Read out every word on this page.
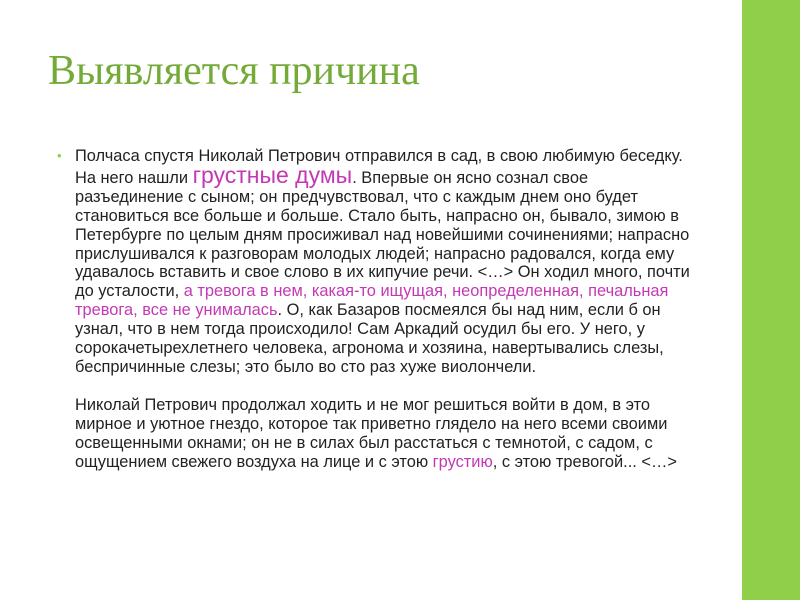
Выявляется причина
• Полчаса спустя Николай Петрович отправился в сад, в свою любимую беседку. На него нашли грустные думы. Впервые он ясно сознал свое разъединение с сыном; он предчувствовал, что с каждым днем оно будет становиться все больше и больше. Стало быть, напрасно он, бывало, зимою в Петербурге по целым дням просиживал над новейшими сочинениями; напрасно прислушивался к разговорам молодых людей; напрасно радовался, когда ему удавалось вставить и свое слово в их кипучие речи. <…> Он ходил много, почти до усталости, а тревога в нем, какая-то ищущая, неопределенная, печальная тревога, все не унималась. О, как Базаров посмеялся бы над ним, если б он узнал, что в нем тогда происходило! Сам Аркадий осудил бы его. У него, у сорокачетырехлетнего человека, агронома и хозяина, навертывались слезы, беспричинные слезы; это было во сто раз хуже виолончели.

Николай Петрович продолжал ходить и не мог решиться войти в дом, в это мирное и уютное гнездо, которое так приветно глядело на него всеми своими освещенными окнами; он не в силах был расстаться с темнотой, с садом, с ощущением свежего воздуха на лице и с этою грустию, с этою тревогой... <…>
